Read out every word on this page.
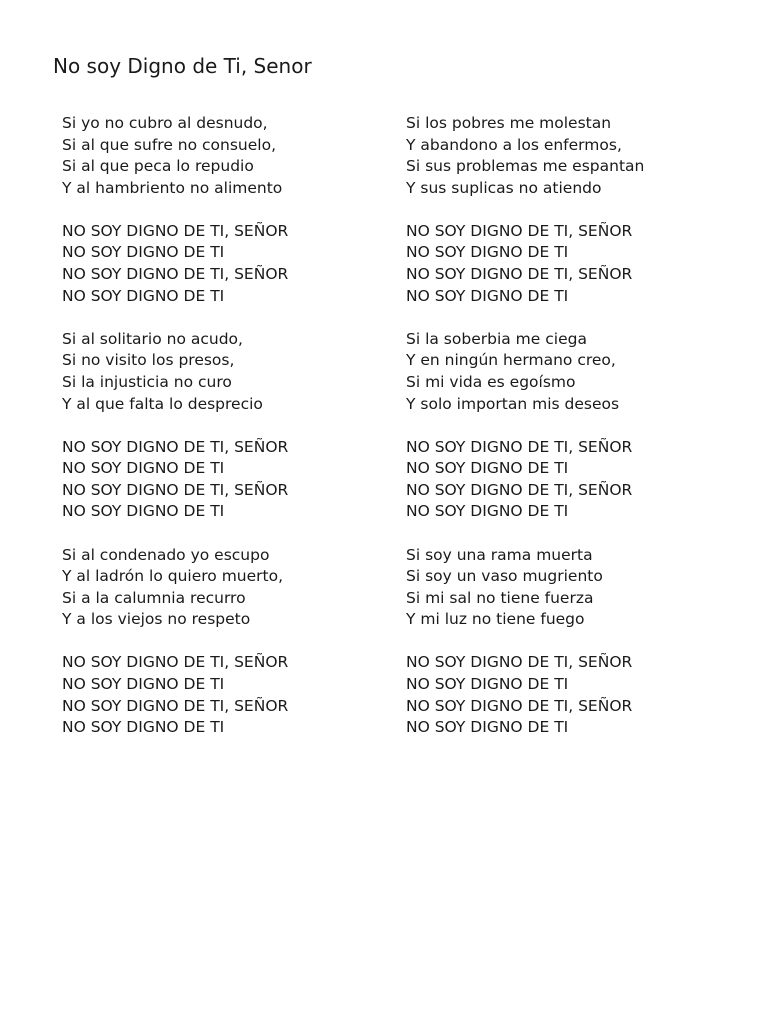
No soy Digno de Ti, Senor
Si yo no cubro al desnudo,
Si al que sufre no consuelo,
Si al que peca lo repudio
Y al hambriento no alimento
NO SOY DIGNO DE TI, SEÑOR
NO SOY DIGNO DE TI
NO SOY DIGNO DE TI, SEÑOR
NO SOY DIGNO DE TI
Si al solitario no acudo,
Si no visito los presos,
Si la injusticia no curo
Y al que falta lo desprecio
NO SOY DIGNO DE TI, SEÑOR
NO SOY DIGNO DE TI
NO SOY DIGNO DE TI, SEÑOR
NO SOY DIGNO DE TI
Si al condenado yo escupo
Y al ladrón lo quiero muerto,
Si a la calumnia recurro
Y a los viejos no respeto
NO SOY DIGNO DE TI, SEÑOR
NO SOY DIGNO DE TI
NO SOY DIGNO DE TI, SEÑOR
NO SOY DIGNO DE TI
Si los pobres me molestan
Y abandono a los enfermos,
Si sus problemas me espantan
Y sus suplicas no atiendo
NO SOY DIGNO DE TI, SEÑOR
NO SOY DIGNO DE TI
NO SOY DIGNO DE TI, SEÑOR
NO SOY DIGNO DE TI
Si la soberbia me ciega
Y en ningún hermano creo,
Si mi vida es egoísmo
Y solo importan mis deseos
NO SOY DIGNO DE TI, SEÑOR
NO SOY DIGNO DE TI
NO SOY DIGNO DE TI, SEÑOR
NO SOY DIGNO DE TI
Si soy una rama muerta
Si soy un vaso mugriento
Si mi sal no tiene fuerza
Y mi luz no tiene fuego
NO SOY DIGNO DE TI, SEÑOR
NO SOY DIGNO DE TI
NO SOY DIGNO DE TI, SEÑOR
NO SOY DIGNO DE TI
